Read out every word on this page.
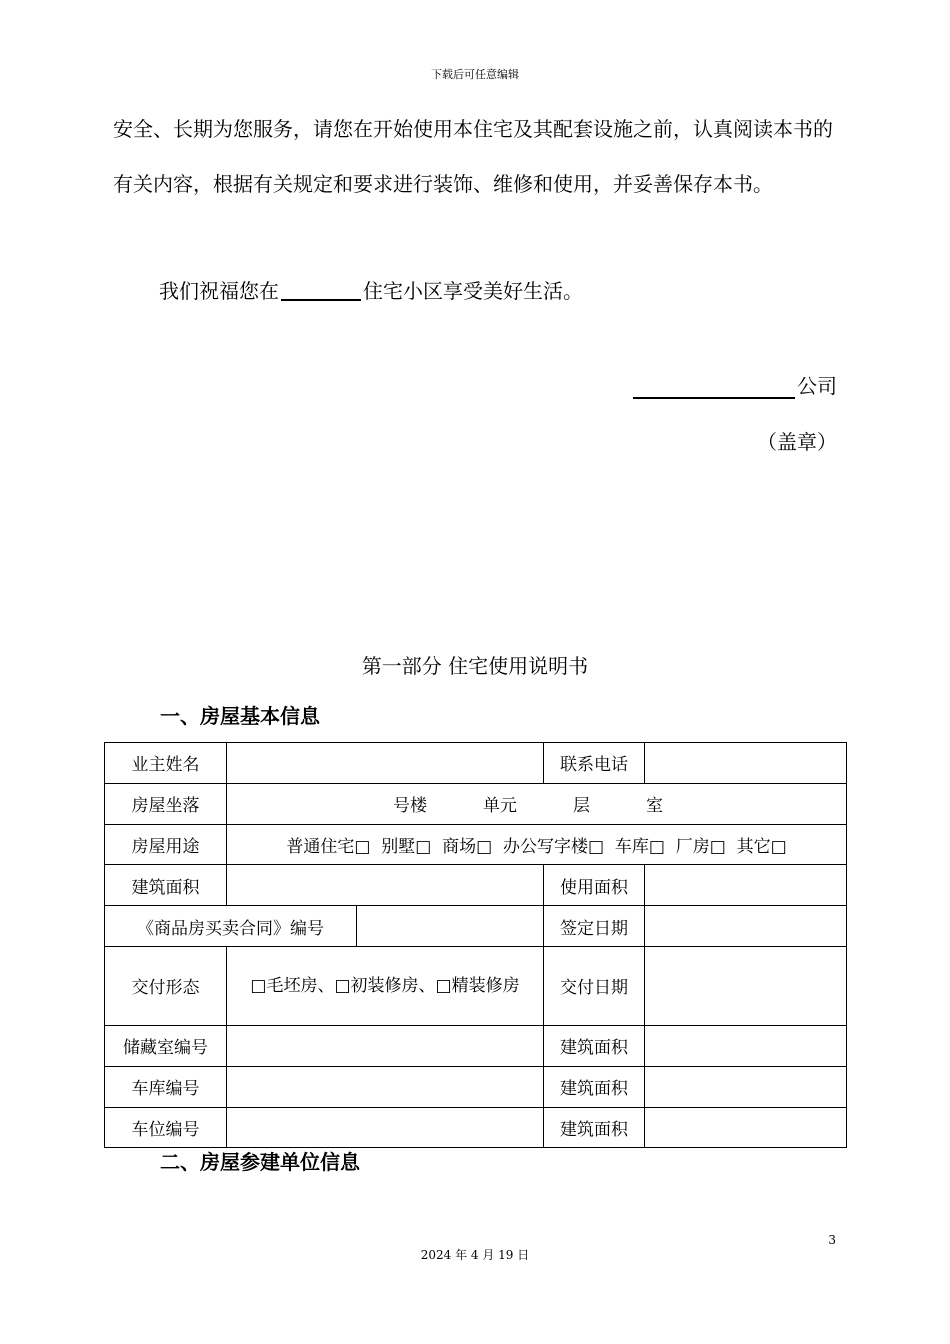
下载后可任意编辑

安全、长期为您服务，请您在开始使用本住宅及其配套设施之前，认真阅读本书的有关内容，根据有关规定和要求进行装饰、维修和使用，并妥善保存本书。

我们祝福您在	住宅小区享受美好生活。

公司
（盖章）
第一部分 住宅使用说明书
一、房屋基本信息
业主姓名			联系电话	
房屋坐落	号楼 单元 层 室			
房屋用途	普通住宅□  别墅□  商场□  办公写字楼□  车库□  厂房□  其它□			
建筑面积			使用面积	
《商品房买卖合同》编号			签定日期	
交付形态	□毛坯房、□初装修房、□精装修房		交付日期	
储藏室编号			建筑面积	
车库编号			建筑面积	
车位编号			建筑面积	
二、房屋参建单位信息
3
2024 年 4 月 19 日
